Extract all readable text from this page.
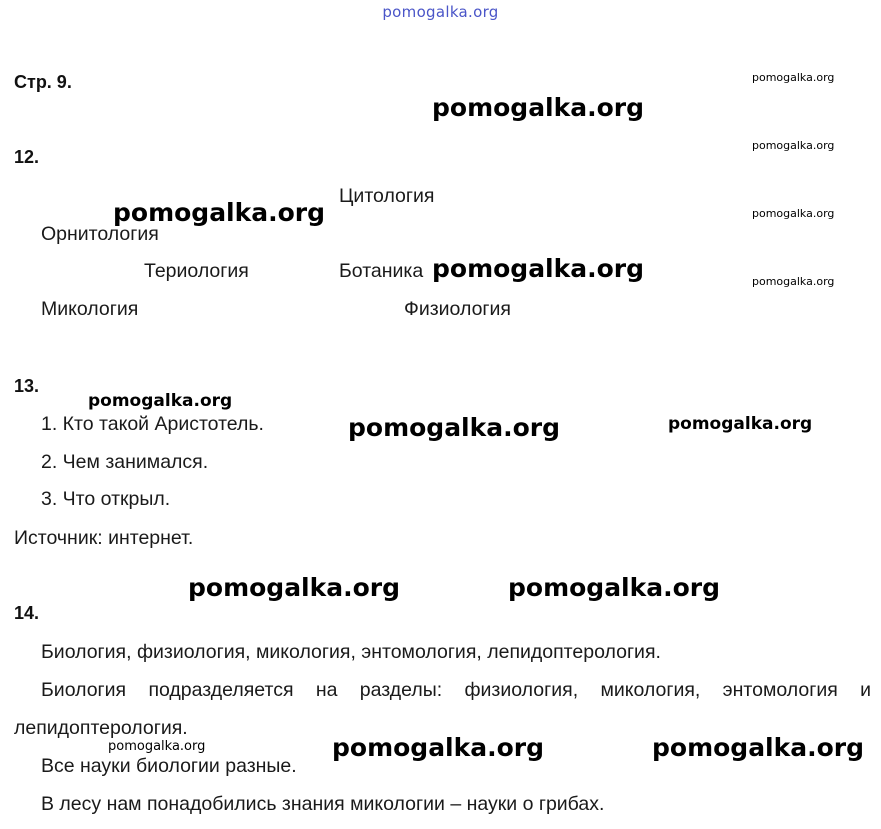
pomogalka.org
Стр. 9.	pomogalka.org
pomogalka.org
pomogalka.org
pomogalka.org
pomogalka.org
12.
Цитология
pomogalka.org
Орнитология
Териология	Ботаника pomogalka.org
Микология	Физиология
13.
pomogalka.org
1. Кто такой Аристотель.	pomogalka.org	pomogalka.org
2. Чем занимался.
3. Что открыл.
Источник: интернет.
pomogalka.org	pomogalka.org
14.
Биология, физиология, микология, энтомология, лепидоптерология.
Биология подразделяется на разделы: физиология, микология, энтомология и
лепидоптерология.
pomogalka.org	pomogalka.org	pomogalka.org
Все науки биологии разные.
В лесу нам понадобились знания микологии – науки о грибах.
